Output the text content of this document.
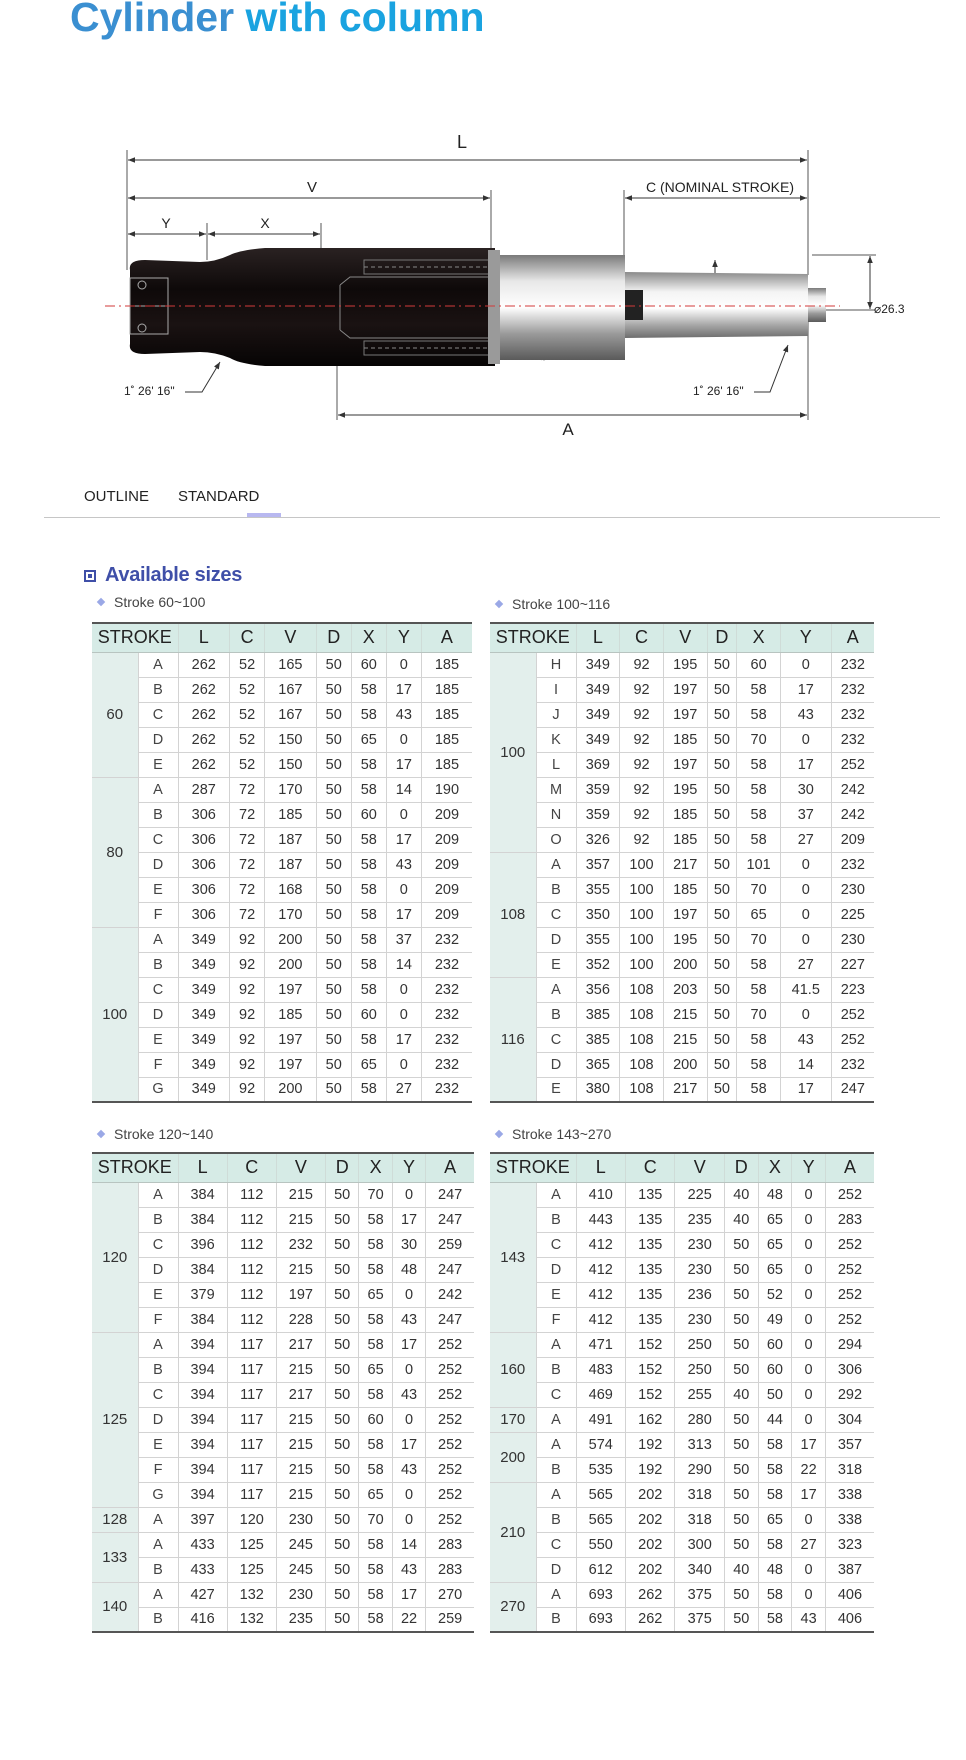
Cylinder with column
L
V	C (NOMINAL STROKE)
Y	X
A
⌀26.3
1˚ 26' 16"	1˚ 26' 16"
OUTLINE STANDARD
Available sizes
Stroke 60~100
STROKE		L	C	V	D	X	Y	A
60	A	262	52	165	50	60	0	185
	B	262	52	167	50	58	17	185
	C	262	52	167	50	58	43	185
	D	262	52	150	50	65	0	185
	E	262	52	150	50	58	17	185
80	A	287	72	170	50	58	14	190
	B	306	72	185	50	60	0	209
	C	306	72	187	50	58	17	209
	D	306	72	187	50	58	43	209
	E	306	72	168	50	58	0	209
	F	306	72	170	50	58	17	209
100	A	349	92	200	50	58	37	232
	B	349	92	200	50	58	14	232
	C	349	92	197	50	58	0	232
	D	349	92	185	50	60	0	232
	E	349	92	197	50	58	17	232
	F	349	92	197	50	65	0	232
	G	349	92	200	50	58	27	232
Stroke 100~116
STROKE		L	C	V	D	X	Y	A
100	H	349	92	195	50	60	0	232
	I	349	92	197	50	58	17	232
	J	349	92	197	50	58	43	232
	K	349	92	185	50	70	0	232
	L	369	92	197	50	58	17	252
	M	359	92	195	50	58	30	242
	N	359	92	185	50	58	37	242
	O	326	92	185	50	58	27	209
108	A	357	100	217	50	101	0	232
	B	355	100	185	50	70	0	230
	C	350	100	197	50	65	0	225
	D	355	100	195	50	70	0	230
	E	352	100	200	50	58	27	227
116	A	356	108	203	50	58	41.5	223
	B	385	108	215	50	70	0	252
	C	385	108	215	50	58	43	252
	D	365	108	200	50	58	14	232
	E	380	108	217	50	58	17	247
Stroke 120~140
STROKE		L	C	V	D	X	Y	A
120	A	384	112	215	50	70	0	247
	B	384	112	215	50	58	17	247
	C	396	112	232	50	58	30	259
	D	384	112	215	50	58	48	247
	E	379	112	197	50	65	0	242
	F	384	112	228	50	58	43	247
125	A	394	117	217	50	58	17	252
	B	394	117	215	50	65	0	252
	C	394	117	217	50	58	43	252
	D	394	117	215	50	60	0	252
	E	394	117	215	50	58	17	252
	F	394	117	215	50	58	43	252
	G	394	117	215	50	65	0	252
128	A	397	120	230	50	70	0	252
133	A	433	125	245	50	58	14	283
	B	433	125	245	50	58	43	283
140	A	427	132	230	50	58	17	270
	B	416	132	235	50	58	22	259
Stroke 143~270
STROKE		L	C	V	D	X	Y	A
143	A	410	135	225	40	48	0	252
	B	443	135	235	40	65	0	283
	C	412	135	230	50	65	0	252
	D	412	135	230	50	65	0	252
	E	412	135	236	50	52	0	252
	F	412	135	230	50	49	0	252
160	A	471	152	250	50	60	0	294
	B	483	152	250	50	60	0	306
	C	469	152	255	40	50	0	292
170	A	491	162	280	50	44	0	304
200	A	574	192	313	50	58	17	357
	B	535	192	290	50	58	22	318
210	A	565	202	318	50	58	17	338
	B	565	202	318	50	65	0	338
	C	550	202	300	50	58	27	323
	D	612	202	340	40	48	0	387
270	A	693	262	375	50	58	0	406
	B	693	262	375	50	58	43	406
